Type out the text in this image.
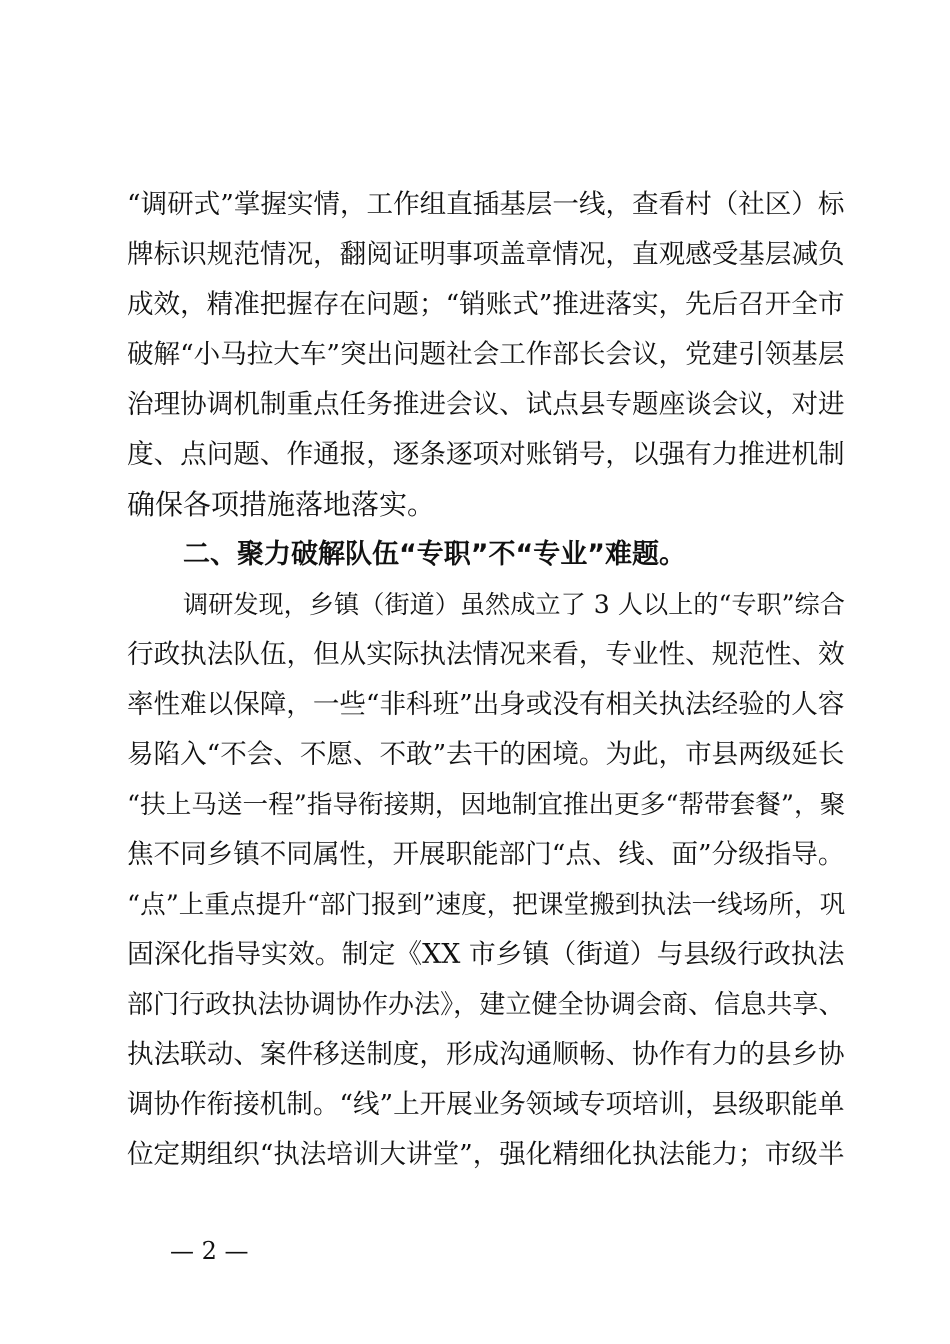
“调研式”掌握实情，工作组直插基层一线，查看村（社区）标
牌标识规范情况，翻阅证明事项盖章情况，直观感受基层减负
成效，精准把握存在问题；“销账式”推进落实，先后召开全市
破解“小马拉大车”突出问题社会工作部长会议，党建引领基层
治理协调机制重点任务推进会议、试点县专题座谈会议，对进
度、点问题、作通报，逐条逐项对账销号，以强有力推进机制
确保各项措施落地落实。
二、聚力破解队伍“专职”不“专业”难题。
调研发现，乡镇（街道）虽然成立了 3 人以上的“专职”综合
行政执法队伍，但从实际执法情况来看，专业性、规范性、效
率性难以保障，一些“非科班”出身或没有相关执法经验的人容
易陷入“不会、不愿、不敢”去干的困境。为此，市县两级延长
“扶上马送一程”指导衔接期，因地制宜推出更多“帮带套餐”，聚
焦不同乡镇不同属性，开展职能部门“点、线、面”分级指导。
“点”上重点提升“部门报到”速度，把课堂搬到执法一线场所，巩
固深化指导实效。制定《XX 市乡镇（街道）与县级行政执法
部门行政执法协调协作办法》，建立健全协调会商、信息共享、
执法联动、案件移送制度，形成沟通顺畅、协作有力的县乡协
调协作衔接机制。“线”上开展业务领域专项培训，县级职能单
位定期组织“执法培训大讲堂”，强化精细化执法能力；市级半
— 2 —
